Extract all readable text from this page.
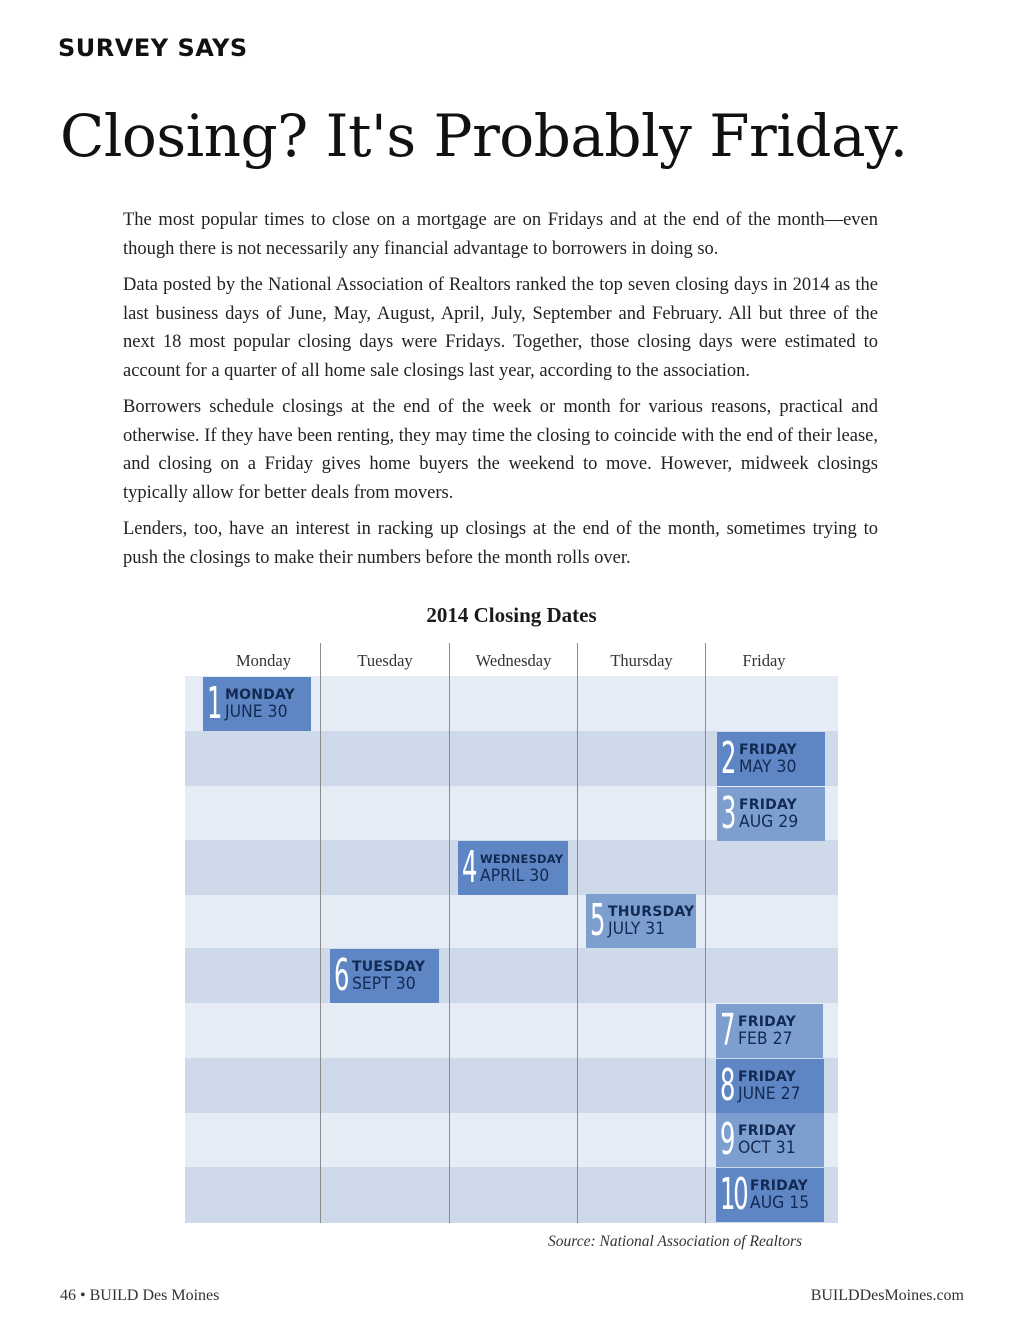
SURVEY SAYS
Closing? It's Probably Friday.

The most popular times to close on a mortgage are on Fridays and at the end of the month—even though there is not necessarily any financial advantage to borrowers in doing so.

Data posted by the National Association of Realtors ranked the top seven closing days in 2014 as the last business days of June, May, August, April, July, September and February. All but three of the next 18 most popular closing days were Fridays. Together, those closing days were estimated to account for a quarter of all home sale closings last year, according to the association.

Borrowers schedule closings at the end of the week or month for various reasons, practical and otherwise. If they have been renting, they may time the closing to coincide with the end of their lease, and closing on a Friday gives home buyers the weekend to move. However, midweek closings typically allow for better deals from movers.

Lenders, too, have an interest in racking up closings at the end of the month, sometimes trying to push the closings to make their numbers before the month rolls over.

2014 Closing Dates
Monday	Tuesday	Wednesday	Thursday	Friday
1 MONDAY
JUNE 30
2 FRIDAY
MAY 30
3 FRIDAY
AUG 29
4 WEDNESDAY
APRIL 30
5 THURSDAY
JULY 31
6 TUESDAY
SEPT 30
7 FRIDAY
FEB 27
8 FRIDAY
JUNE 27
9 FRIDAY
OCT 31
10 FRIDAY
AUG 15
Source: National Association of Realtors
46 • BUILD Des Moines	BUILDDesMoines.com
